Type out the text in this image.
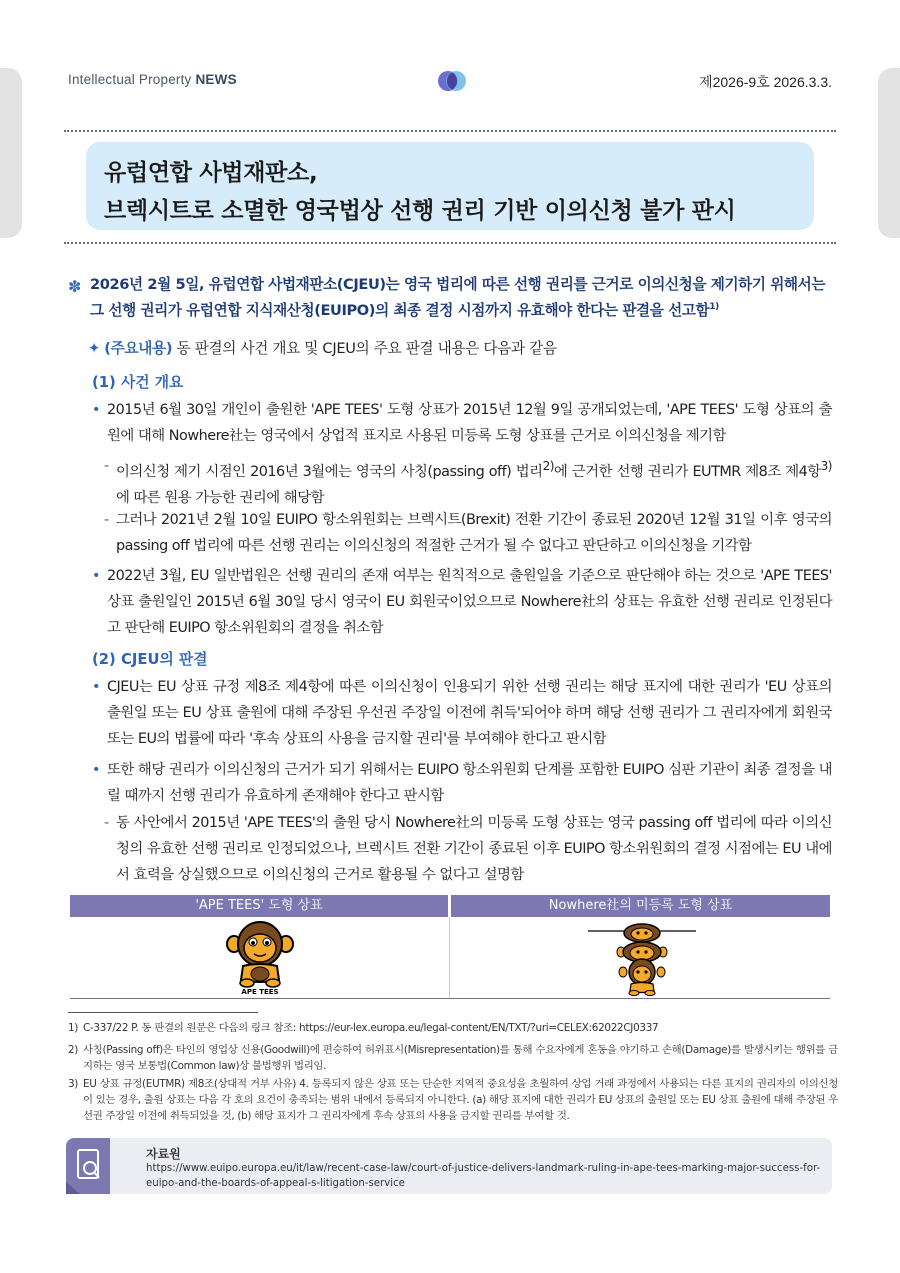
Intellectual Property NEWS	제2026-9호 2026.3.3.
유럽연합 사법재판소,
브렉시트로 소멸한 영국법상 선행 권리 기반 이의신청 불가 판시
✽ 2026년 2월 5일, 유럽연합 사법재판소(CJEU)는 영국 법리에 따른 선행 권리를 근거로 이의신청을 제기하기 위해서는 그 선행 권리가 유럽연합 지식재산청(EUIPO)의 최종 결정 시점까지 유효해야 한다는 판결을 선고함$^{1)}$
✦ (주요내용) 동 판결의 사건 개요 및 CJEU의 주요 판결 내용은 다음과 같음
(1) 사건 개요
• 2015년 6월 30일 개인이 출원한 'APE TEES' 도형 상표가 2015년 12월 9일 공개되었는데, 'APE TEES' 도형 상표의 출원에 대해 Nowhere社는 영국에서 상업적 표지로 사용된 미등록 도형 상표를 근거로 이의신청을 제기함
- 이의신청 제기 시점인 2016년 3월에는 영국의 사칭(passing off) 법리$^{2)}$에 근거한 선행 권리가 EUTMR 제8조 제4항$^{3)}$에 따른 원용 가능한 권리에 해당함
- 그러나 2021년 2월 10일 EUIPO 항소위원회는 브렉시트(Brexit) 전환 기간이 종료된 2020년 12월 31일 이후 영국의 passing off 법리에 따른 선행 권리는 이의신청의 적절한 근거가 될 수 없다고 판단하고 이의신청을 기각함
• 2022년 3월, EU 일반법원은 선행 권리의 존재 여부는 원칙적으로 출원일을 기준으로 판단해야 하는 것으로 'APE TEES' 상표 출원일인 2015년 6월 30일 당시 영국이 EU 회원국이었으므로 Nowhere社의 상표는 유효한 선행 권리로 인정된다고 판단해 EUIPO 항소위원회의 결정을 취소함
(2) CJEU의 판결
• CJEU는 EU 상표 규정 제8조 제4항에 따른 이의신청이 인용되기 위한 선행 권리는 해당 표지에 대한 권리가 'EU 상표의 출원일 또는 EU 상표 출원에 대해 주장된 우선권 주장일 이전에 취득'되어야 하며 해당 선행 권리가 그 권리자에게 회원국 또는 EU의 법률에 따라 '후속 상표의 사용을 금지할 권리'를 부여해야 한다고 판시함
• 또한 해당 권리가 이의신청의 근거가 되기 위해서는 EUIPO 항소위원회 단계를 포함한 EUIPO 심판 기관이 최종 결정을 내릴 때까지 선행 권리가 유효하게 존재해야 한다고 판시함
- 동 사안에서 2015년 'APE TEES'의 출원 당시 Nowhere社의 미등록 도형 상표는 영국 passing off 법리에 따라 이의신청의 유효한 선행 권리로 인정되었으나, 브렉시트 전환 기간이 종료된 이후 EUIPO 항소위원회의 결정 시점에는 EU 내에서 효력을 상실했으므로 이의신청의 근거로 활용될 수 없다고 설명함
'APE TEES' 도형 상표	Nowhere社의 미등록 도형 상표
APE TEES
1) C-337/22 P. 동 판결의 원문은 다음의 링크 참조: https://eur-lex.europa.eu/legal-content/EN/TXT/?uri=CELEX:62022CJ0337
2) 사칭(Passing off)은 타인의 영업상 신용(Goodwill)에 편승하여 허위표시(Misrepresentation)를 통해 수요자에게 혼동을 야기하고 손해(Damage)를 발생시키는 행위를 금지하는 영국 보통법(Common law)상 불법행위 법리임.
3) EU 상표 규정(EUTMR) 제8조(상대적 거부 사유) 4. 등록되지 않은 상표 또는 단순한 지역적 중요성을 초월하여 상업 거래 과정에서 사용되는 다른 표지의 권리자의 이의신청이 있는 경우, 출원 상표는 다음 각 호의 요건이 충족되는 범위 내에서 등록되지 아니한다. (a) 해당 표지에 대한 권리가 EU 상표의 출원일 또는 EU 상표 출원에 대해 주장된 우선권 주장일 이전에 취득되었을 것, (b) 해당 표지가 그 권리자에게 후속 상표의 사용을 금지할 권리를 부여할 것.
자료원
https://www.euipo.europa.eu/it/law/recent-case-law/court-of-justice-delivers-landmark-ruling-in-ape-tees-marking-major-success-for-euipo-and-the-boards-of-appeal-s-litigation-service
